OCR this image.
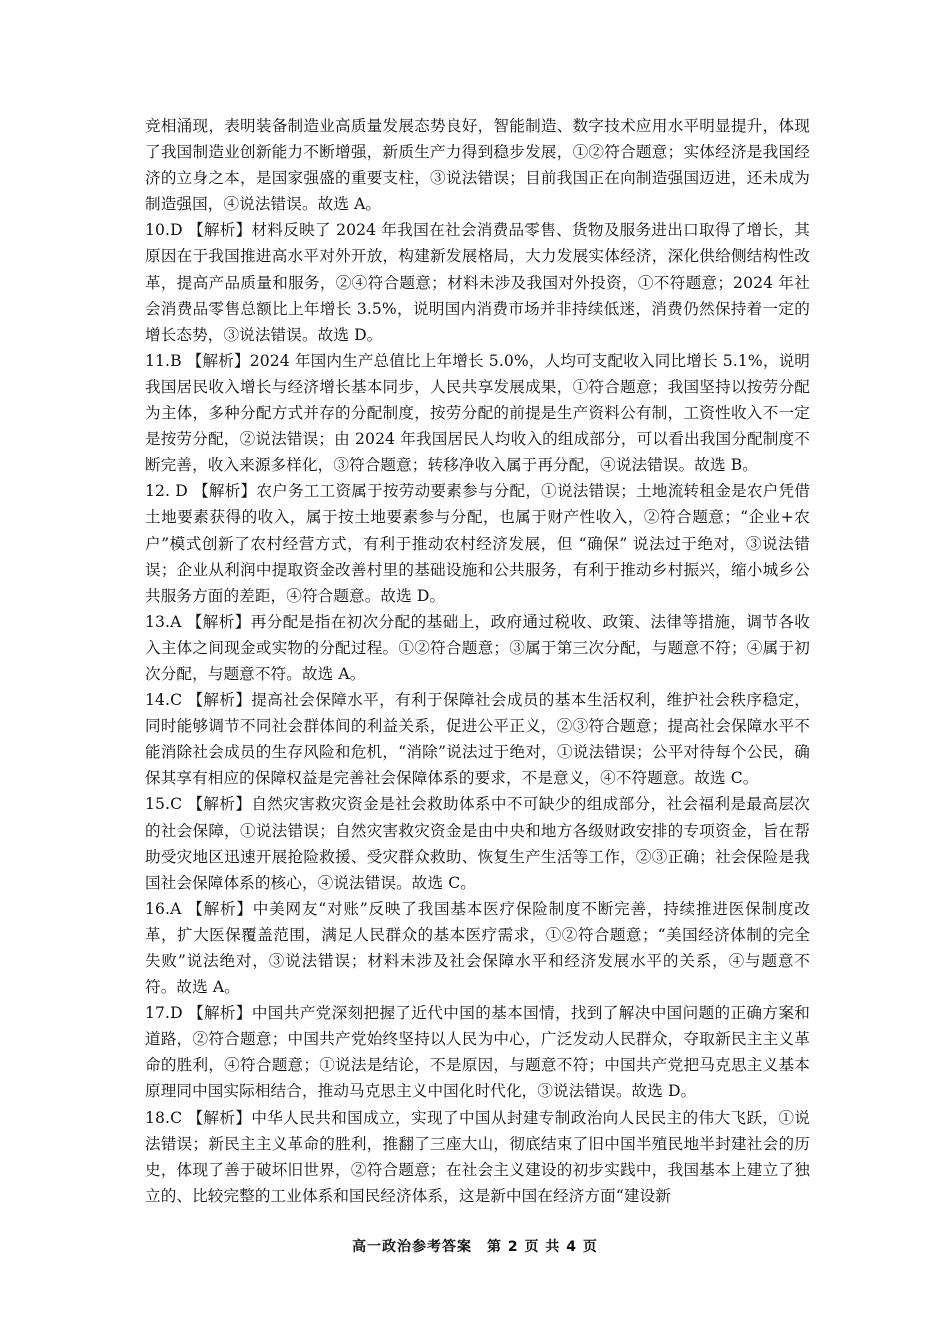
竞相涌现，表明装备制造业高质量发展态势良好，智能制造、数字技术应用水平明显提升，体现了我国制造业创新能力不断增强，新质生产力得到稳步发展，①②符合题意；实体经济是我国经济的立身之本，是国家强盛的重要支柱，③说法错误；目前我国正在向制造强国迈进，还未成为制造强国，④说法错误。故选 A。

10.D 【解析】材料反映了 2024 年我国在社会消费品零售、货物及服务进出口取得了增长，其原因在于我国推进高水平对外开放，构建新发展格局，大力发展实体经济，深化供给侧结构性改革，提高产品质量和服务，②④符合题意；材料未涉及我国对外投资，①不符题意；2024 年社会消费品零售总额比上年增长 3.5%，说明国内消费市场并非持续低迷，消费仍然保持着一定的增长态势，③说法错误。故选 D。

11.B 【解析】2024 年国内生产总值比上年增长 5.0%，人均可支配收入同比增长 5.1%，说明我国居民收入增长与经济增长基本同步，人民共享发展成果，①符合题意；我国坚持以按劳分配为主体，多种分配方式并存的分配制度，按劳分配的前提是生产资料公有制，工资性收入不一定是按劳分配，②说法错误；由 2024 年我国居民人均收入的组成部分，可以看出我国分配制度不断完善，收入来源多样化，③符合题意；转移净收入属于再分配，④说法错误。故选 B。

12. D 【解析】农户务工工资属于按劳动要素参与分配，①说法错误；土地流转租金是农户凭借土地要素获得的收入，属于按土地要素参与分配，也属于财产性收入，②符合题意；“企业+农户”模式创新了农村经营方式，有利于推动农村经济发展，但 “确保” 说法过于绝对，③说法错误；企业从利润中提取资金改善村里的基础设施和公共服务，有利于推动乡村振兴，缩小城乡公共服务方面的差距，④符合题意。故选 D。

13.A 【解析】再分配是指在初次分配的基础上，政府通过税收、政策、法律等措施，调节各收入主体之间现金或实物的分配过程。①②符合题意；③属于第三次分配，与题意不符；④属于初次分配，与题意不符。故选 A。

14.C 【解析】提高社会保障水平，有利于保障社会成员的基本生活权利，维护社会秩序稳定，同时能够调节不同社会群体间的利益关系，促进公平正义，②③符合题意；提高社会保障水平不能消除社会成员的生存风险和危机，“消除”说法过于绝对，①说法错误；公平对待每个公民，确保其享有相应的保障权益是完善社会保障体系的要求，不是意义，④不符题意。故选 C。

15.C 【解析】自然灾害救灾资金是社会救助体系中不可缺少的组成部分，社会福利是最高层次的社会保障，①说法错误；自然灾害救灾资金是由中央和地方各级财政安排的专项资金，旨在帮助受灾地区迅速开展抢险救援、受灾群众救助、恢复生产生活等工作，②③正确；社会保险是我国社会保障体系的核心，④说法错误。故选 C。

16.A 【解析】中美网友“对账”反映了我国基本医疗保险制度不断完善，持续推进医保制度改革，扩大医保覆盖范围，满足人民群众的基本医疗需求，①②符合题意；“美国经济体制的完全失败”说法绝对，③说法错误；材料未涉及社会保障水平和经济发展水平的关系，④与题意不符。故选 A。

17.D 【解析】中国共产党深刻把握了近代中国的基本国情，找到了解决中国问题的正确方案和道路，②符合题意；中国共产党始终坚持以人民为中心，广泛发动人民群众，夺取新民主主义革命的胜利，④符合题意；①说法是结论，不是原因，与题意不符；中国共产党把马克思主义基本原理同中国实际相结合，推动马克思主义中国化时代化，③说法错误。故选 D。

18.C 【解析】中华人民共和国成立，实现了中国从封建专制政治向人民民主的伟大飞跃，①说法错误；新民主主义革命的胜利，推翻了三座大山，彻底结束了旧中国半殖民地半封建社会的历史，体现了善于破坏旧世界，②符合题意；在社会主义建设的初步实践中，我国基本上建立了独立的、比较完整的工业体系和国民经济体系，这是新中国在经济方面“建设新

高一政治参考答案　第 2 页 共 4 页
